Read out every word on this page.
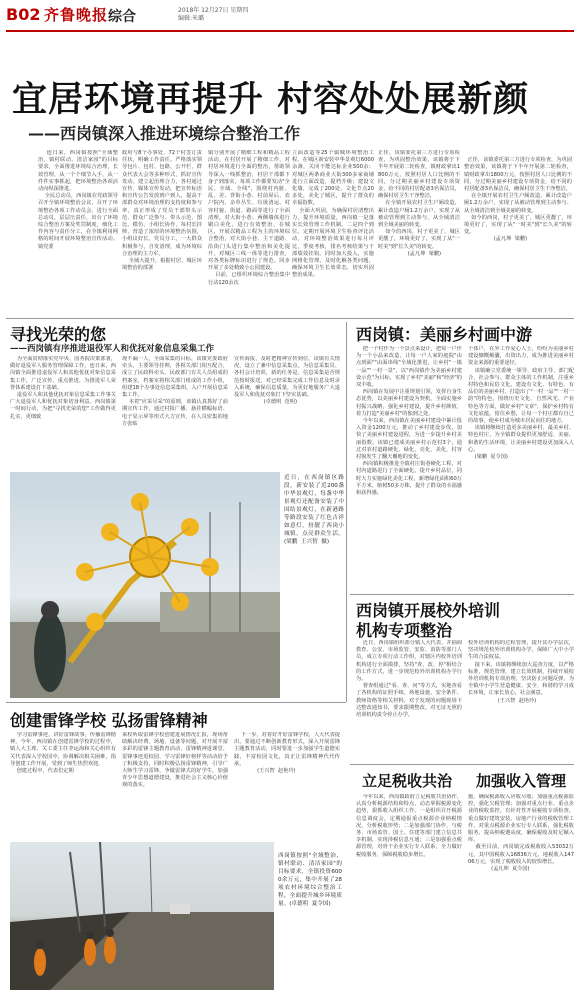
B02 齐鲁晚报 综合	2018年 12月27日 星期四
编辑:米璐
宜居环境再提升 村容处处展新颜
——西岗镇深入推进环境综合整治工作
连日来，西岗镇按照"全域整治、镇村联动、清洁家园"的目标要求，全面推进环境综合治理，长效管理，从一个个细节入手，从一件件实事抓起，把环境整治各项活动向纵深推进。
全民总动员，西岗镇在党政领导召开全镇环境整治会议，召开了环境整治各项工作动员会，进行全面总动员，层层压责任，出台了环境综合整治方案及奖罚制度，细化工作内容与责任分工，在全镇利用网格的时间开展环境整治宣传活动。镇党委
政府与8个办事处、72个村签订责任状，明确工作责任。严格落实领导包片、包村、包路、公开栏，群众代表大会等多种形式，抓好宣传发动，建立起治理合力，各村通过宣传、媒体宣传发动，把宣传标语和宣传公告发放到户到人，提高干部群众对环境治理的支持度和参与率，真正形成了党员干部带头示范、群众广泛参与、带头示范、图比、模仿、小组长协作，每村长挂帅，营造了浓厚的环境整治氛围，小组议好长、党员分工，一大群众积极参与，自发清理，成为环境综合治理的主力军。
全域大提升，根据村居、城区环境整治的部署
镇分别开展了精细工程和精品工程活动。在村居开展了精细工作，对村居环境进行全面的整治，帮助领导深入一线抓整治，村居干部都下身子到落实，每项工作都要发动"全民、全域、全线"，围绕村内脏、乱、差、背街小巷、村前屋后、农户院内、杂草丛生、垃圾清运、村容村貌、街道、路面等进行了全面清理。对大街小巷、两侧墙体进行刷白美化，进行有效整治。在城区，开展以精品工程为主的环境综合整治，对大街小巷、主干道路、沿街门头进行集中整治和美化提升，对城区三线一体等进行排查，对各类标牌标识进行了规范。同步开展了多处精致小公园建设。
目前，已组织环境综合整治集中行动120余次
立面改造等25个镇城环境整治工程，在城区新安装中华景观灯6000余盏，关闭不能达标企业500余；对城区两条商业大街300多家商铺进行立面改造，提档升级；建设文化墙，完成了200处，文化节点20多处，美化了城区，提升了群众的幸福指数。
全面大巩固，为确保村居清整出力，提升环境质量，西岗镇一是落实长效管理工作机制。二是四个到位。定期开展环境卫生检查评比活动，对环境整治效果进行每月评比，季度考核，排名考核结果与干部绩效挂钩。同时加大投入，实施网格化管理，及时化解各类问题，确保环境卫生长效常态，切实巩固整治成果。
正佳，该镇委托第三方进行专项检查，为巩固整治效果，该镇将于下半年开展第二轮检查，镇财政拿出1800万元，按照村居人口比例的不同，分过期美丽乡村建设专项资金，给不同的村居配备3名保洁员，确保村居卫生干净整洁，
在全镇开展农村卫生户厕改造，累计改造户厕1.2万余户，实现了从被动管理到主动参与、从全域清洁到全域美丽的转变。
如今的西岗，村子更美了，城区更靓了，环境更好了，实现了从"一时美"到"长久美"的转变。
(孟凡坤  梁鹏)

正佳，该镇委托第三方进行专项检查，为巩固整治效果，该镇将于下半年开展第二轮检查，镇财政拿出1800万元，按照村居人口比例的不同，分过期美丽乡村建设专项资金，给不同的村居配备3名保洁员，确保村居卫生干净整洁，
在全镇开展农村卫生户厕改造，累计改造户厕1.2万余户，实现了从被动管理到主动参与、从全域清洁到全域美丽的转变。
如今的西岗，村子更美了，城区更靓了，环境更好了，实现了从"一时美"到"长久美"的转变。
(孟凡坤  梁鹏)

寻找光荣的您
——西岗镇有序推进退役军人和优抚对象信息采集工作
为全面贯彻落实党中央、国务院决策部署，做好退役军人服务管理保障工作，连日来，西岗镇全面推进退役军人和其他优抚对象信息采集工作，广泛宣传，重点推进，为推进军人荣誉体系建设打下基础。
退役军人和其他优抚对象信息采集工作事关广大退役军人和优抚对象切身利益。西岗镇第一时间行动，为把"寻找光荣的您"工作做得更扎实、更细致
现不漏一人，全面采集的目标，该镇党委政府牵头，主要领导挂帅，各相关部门相互配合，成立了民政科牵头、民政部门有关人员组成的档案室，档案室将相关部门组成的工作小组，组建18个办事处信息采集组，入户开展信息采集工作。
本着"应采尽采"的原则，该镇认真抓好了前期宣传工作，通过村报广播、悬挂横幅标语、电子显示屏等形式大力宣传，在人员密集的地方张贴
宣传海报，及时把精神宣传到位。该镇有关情况，设立了兼中信息采集点，为信息采集员、各村会计培训，新的任务是、信息采集是否规范按时报送，对已经采集完成工作信息及时录入系统，确保信息质量，为更好地服务广大退役军人和优抚对象打下坚实基础。
(卓德明  范明)
近日，在西岗镇区路段，新安装了近200盏中华景观灯，每盏中华景观灯还配备安装了中国结景观灯，在新港路等路段安装了红色吉祥如意灯，扮靓了西岗小城镇，点亮群众生活。(梁鹏  王兴智  摄)
西岗镇：美丽乡村画中游
把一个村作为一个景点来设计，把每一户作为一个小品来改造，让每一户人家的庭院"由点到面""由面串线"全域化推进，让乡村"一镇一品""一村一景"，以"西岗镇作为美丽乡村建设示范"为目标，实现了乡村"美丽"和"经济"的双丰收。
西岗镇在发展中注重规划引领，发挥自身生态优势，以美丽乡村建设为契机，全面实施乡村振兴战略，强化乡村建设，提升乡村颜值，着力打造"美丽乡村"的独到之处。
今年以来，西岗镇在美丽乡村建设中累计投入资金1200万元，推动了乡村建设步伐，加快了美丽乡村建设进程，为进一步提升乡村美丽指数，该镇已建成美丽乡村示范村3个，通过对农村道路硬化、绿化、亮化、美化，村容村貌发生了翻天覆地的变化。
西岗镇积极推进全镇村庄街巷硬化工程，对村内道路进行了全面硬化。提升乡村品位，同时大力实施绿化美化工程，新增绿化面积60万平方米，植树50多万株，提升了群众的幸福感和获得感。
个体户，在外工作爱心人士，纷纷为美丽乡村建设慷慨解囊，出资出力，成为推进美丽乡村资金来源的重要途径。
该镇确立党委统一领导、政府主导、部门配合、社会参与、群众主体的工作机制，注重乡村特色和民俗文化，建设有文化、有特色、有品位的美丽乡村，打造出了"一村一品""一村一韵"的特色，围绕历史文化、自然风光、产业特色等方面，做好乡村"文章"，保护乡村特有文化底蕴，留住乡愁，让每一个村庄都有自己的故事，使乡村成为城市居民向往的地方。
该镇将继续打造更多美丽乡村、最美乡村、特色村庄，为全镇群众提供更加舒适、美丽、和谐的生活环境，让美丽乡村建设更加深入人心。
(梁鹏  夏令国)
西岗镇开展校外培训
机构专项整治
近日，西岗镇组织部分镇人大代表、并抽调教育、公安、市场监管、安监、消防等部门人员，成立专项行动工作组，对辖区内校外培训机构进行全面摸排，坚持"查、改、停"相结合的工作方式，进一步规范校外培训机构办学行为。
督查组通过"看、查、问"等方式，实地查看了各机构的证照手续、场地设施、安全条件、教师资格等相关材料，对于发现的问题现场下达整改通知书，要求限期整改。对无证无照的培训机构责令停止办学。
校外培训机构的过程管理，提升其办学层次，坚决规范校外培训机构办学，保障广大中小学生的合法权益。
接下来，该镇将继续加大巡查力度，以严格标准，规范管理，建立长效机制，持续开展校外培训机构专项治理，坚决防止问题反弹，为全镇中小学生营造健康、安全、和谐的学习成长环境，让家长放心，社会满意。
(王兴智  赵艳玲)
立足税收共治 加强收入管理
今年以来，西岗镇政府立足税收共治协作，认真分析税源结构和特点，动态掌握税源变化趋势，狠抓收入组织工作。一是组织召开税源信息调度会，定期通报重点税源企业纳税情况，分析税收形势；二是加强部门协作，与税务、市场监管、国土、住建等部门建立信息共享机制，实现涉税信息互通；三是加强重点税源管理，对骨干企业实行专人联系，全力做好税收服务，保障税收稳步增长。
施，确保税源收入应收尽收；加强重点税源监控，强化欠税管理；加强对重点行业、重点企业的税收监控，有针对性开展税收专项检查，重点做好建筑安装、房地产行业的税收管理工作，对重点税源企业实行专人联系，强化税收服务，提高纳税遵从度，确保税收及时足额入库。
截至目前，西岗镇完成税收收入53032万元，其中国税收入16836万元，地税收入14706万元，实现了税收收入的较快增长。
(孟凡坤  夏令国)
创建雷锋学校 弘扬雷锋精神
学习雷锋事迹，讲好雷锋故事，传播雷锋精神。今年，西岗镇在创建雷锋学校的过程中，镇人大主席、关工委主任李运海和关心组织有关代表深入学校园中，协调解决相关困难，指导创建工作开展，受到了师生热烈欢迎。
创建过程中，代表们定期
来校听取雷锋学校创建进展情况汇报，现场帮助解决经费、场地、设备等问题，对开展丰富多彩的雷锋主题教育活动、雷锋精神进课堂、雷锋事迹进校园、学习雷锋好榜样等活动给予了积极支持，同时积极弘扬雷锋精神，引导广大师生学习雷锋，争做雷锋式的好学生，加强青少年思想道德建设，推进社会主义核心价值观的落实。
下一步，对着好开好雷锋学校，人大代表提出，要通过不断创新教育形式，深入开展雷锋主题教育活动，同时要进一步加强学生道德实践，丰富校园文化，真正让雷锋精神代代传承。
(王兴智  赵艳玲)
西岗镇按照"全域整治、镇村联动、清洁家园"的目标要求，全镇投资6000余万元，集中开展了28项农村环境综合整治工程，全面提升城乡环境质量。(卓德明  夏令国)
